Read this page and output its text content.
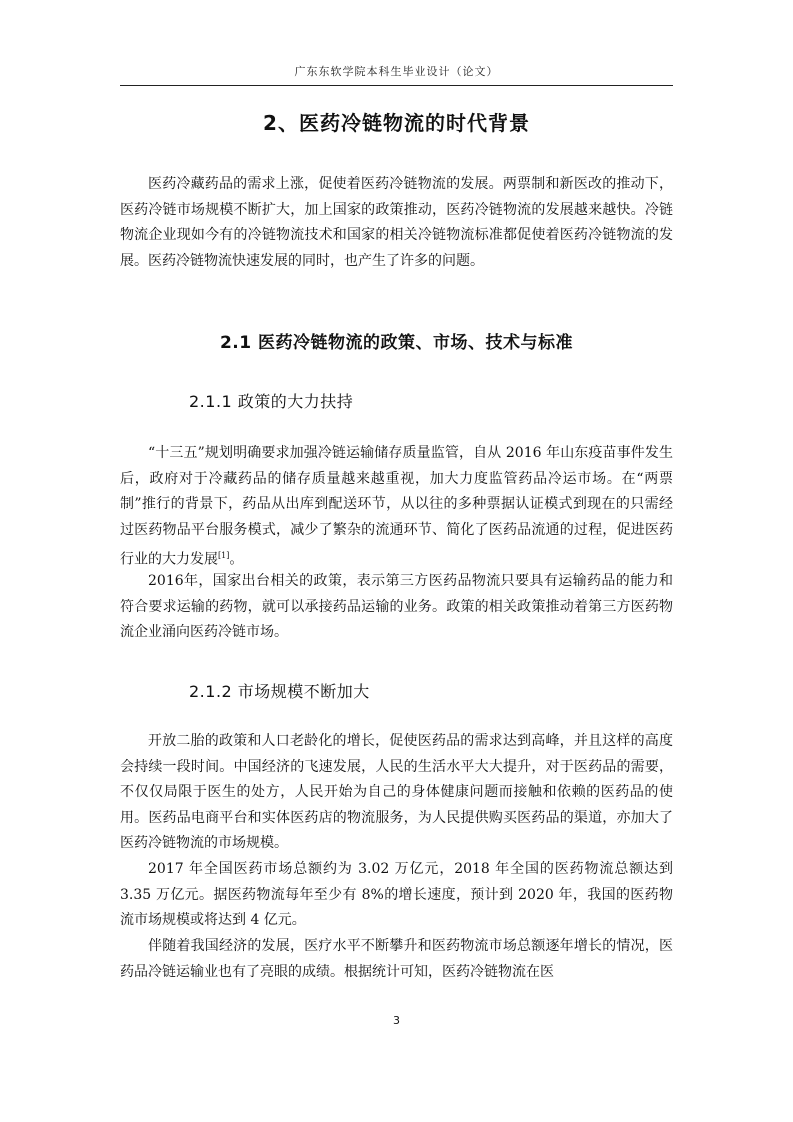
广东东软学院本科生毕业设计（论文）
2、医药冷链物流的时代背景

医药冷藏药品的需求上涨，促使着医药冷链物流的发展。两票制和新医改的推动下，医药冷链市场规模不断扩大，加上国家的政策推动，医药冷链物流的发展越来越快。冷链物流企业现如今有的冷链物流技术和国家的相关冷链物流标准都促使着医药冷链物流的发展。医药冷链物流快速发展的同时，也产生了许多的问题。

2.1 医药冷链物流的政策、市场、技术与标准
2.1.1 政策的大力扶持

“十三五”规划明确要求加强冷链运输储存质量监管，自从 2016 年山东疫苗事件发生后，政府对于冷藏药品的储存质量越来越重视，加大力度监管药品冷运市场。在“两票制”推行的背景下，药品从出库到配送环节，从以往的多种票据认证模式到现在的只需经过医药物品平台服务模式，减少了繁杂的流通环节、简化了医药品流通的过程，促进医药行业的大力发展[1]。

2016年，国家出台相关的政策，表示第三方医药品物流只要具有运输药品的能力和符合要求运输的药物，就可以承接药品运输的业务。政策的相关政策推动着第三方医药物流企业涌向医药冷链市场。

2.1.2 市场规模不断加大

开放二胎的政策和人口老龄化的增长，促使医药品的需求达到高峰，并且这样的高度会持续一段时间。中国经济的飞速发展，人民的生活水平大大提升，对于医药品的需要，不仅仅局限于医生的处方，人民开始为自己的身体健康问题而接触和依赖的医药品的使用。医药品电商平台和实体医药店的物流服务，为人民提供购买医药品的渠道，亦加大了医药冷链物流的市场规模。

2017 年全国医药市场总额约为 3.02 万亿元，2018 年全国的医药物流总额达到 3.35 万亿元。据医药物流每年至少有 8%的增长速度，预计到 2020 年，我国的医药物流市场规模或将达到 4 亿元。

伴随着我国经济的发展，医疗水平不断攀升和医药物流市场总额逐年增长的情况，医药品冷链运输业也有了亮眼的成绩。根据统计可知，医药冷链物流在医

3
